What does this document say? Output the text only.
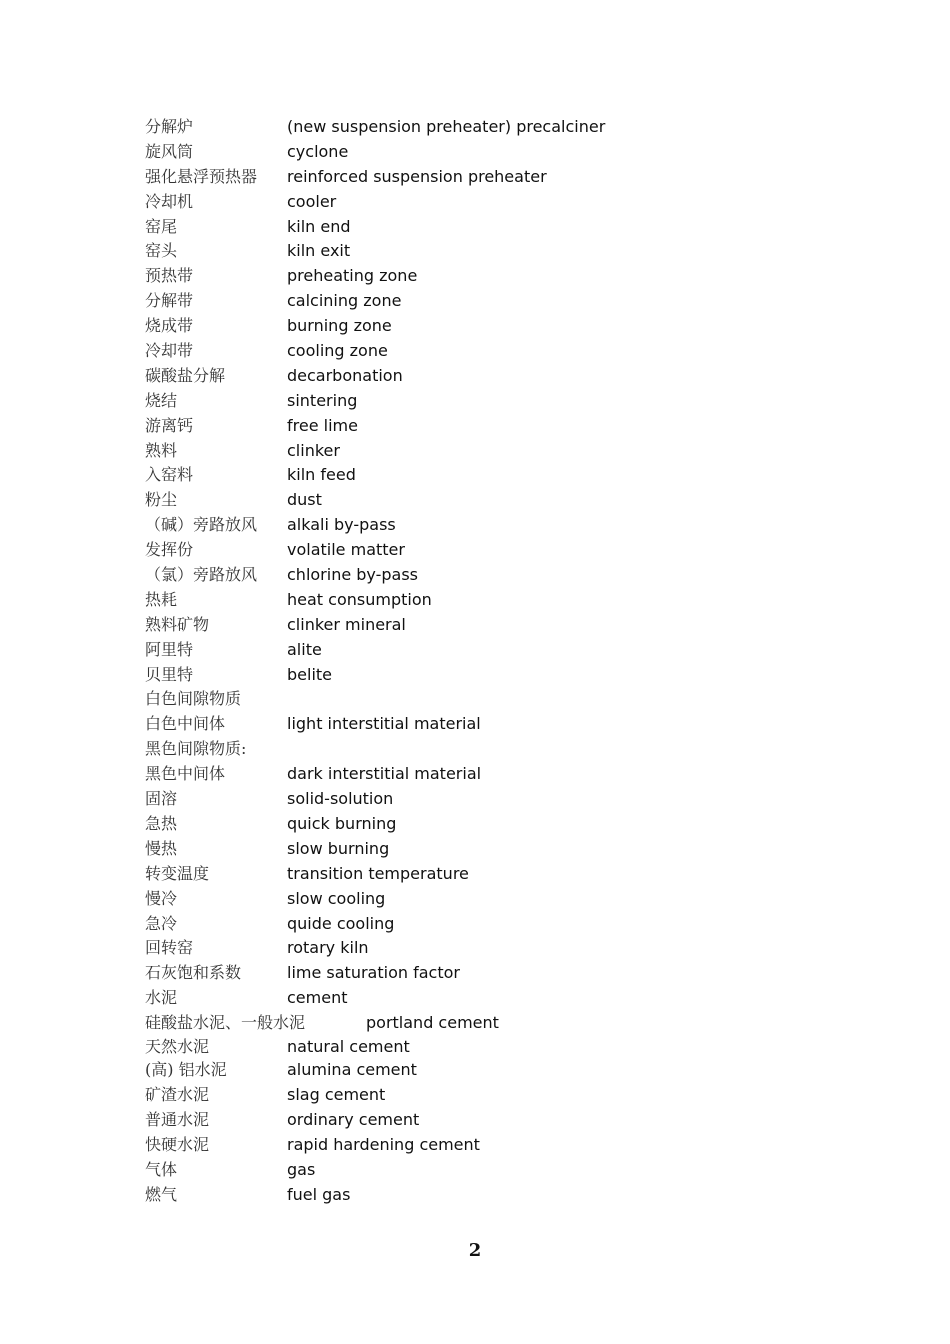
分解炉	(new suspension preheater) precalciner
旋风筒	cyclone
强化悬浮预热器 reinforced suspension preheater
冷却机	cooler
窑尾	kiln end
窑头	kiln exit
预热带	preheating zone
分解带	calcining zone
烧成带	burning zone
冷却带	cooling zone
碳酸盐分解	decarbonation
烧结	sintering
游离钙	free lime
熟料	clinker
入窑料	kiln feed
粉尘	dust
（碱）旁路放风 alkali by-pass
发挥份	volatile matter
（氯）旁路放风 chlorine by-pass
热耗	heat consumption
熟料矿物	clinker mineral
阿里特	alite
贝里特	belite
白色间隙物质
白色中间体	light interstitial material
黑色间隙物质:
黑色中间体	dark interstitial material
固溶	solid-solution
急热	quick burning
慢热	slow burning
转变温度	transition temperature
慢冷	slow cooling
急冷	quide cooling
回转窑	rotary kiln
石灰饱和系数	lime saturation factor
水泥	cement
硅酸盐水泥、一般水泥	portland cement
天然水泥	natural cement
(高) 铝水泥	alumina cement
矿渣水泥	slag cement
普通水泥	ordinary cement
快硬水泥	rapid hardening cement
气体	gas
燃气	fuel gas
2
